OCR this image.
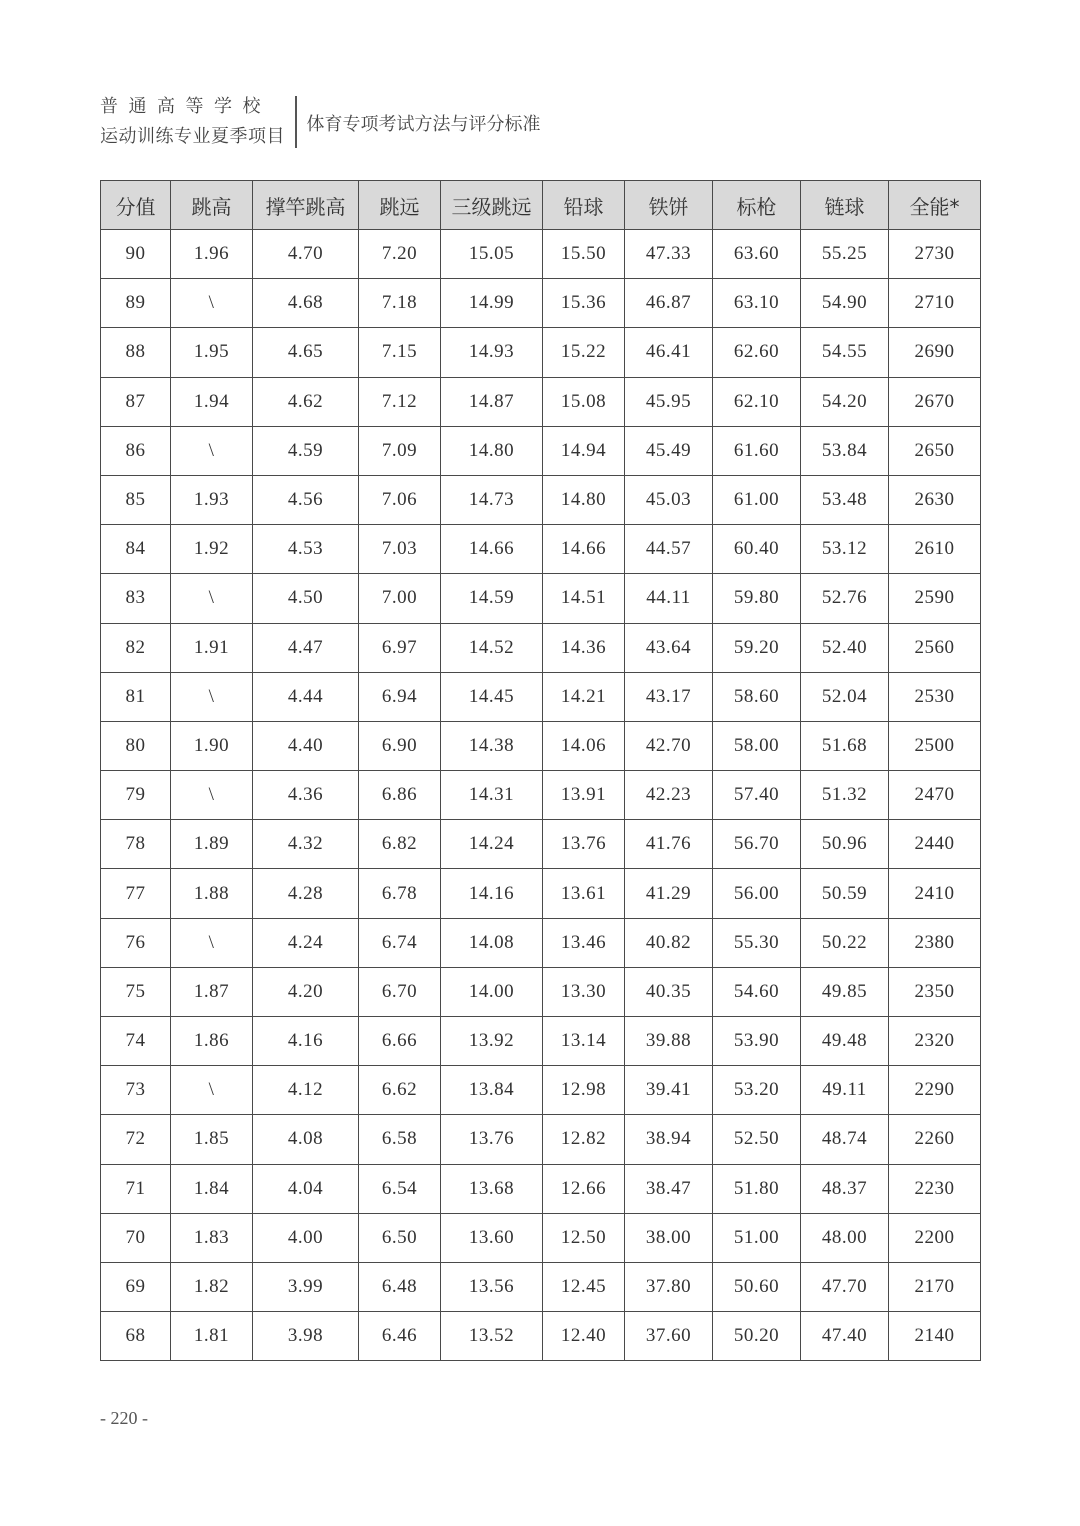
普通高等学校
运动训练专业夏季项目
体育专项考试方法与评分标准
分值	跳高	撑竿跳高	跳远	三级跳远	铅球	铁饼	标枪	链球	全能*
90	1.96	4.70	7.20	15.05	15.50	47.33	63.60	55.25	2730
89	\	4.68	7.18	14.99	15.36	46.87	63.10	54.90	2710
88	1.95	4.65	7.15	14.93	15.22	46.41	62.60	54.55	2690
87	1.94	4.62	7.12	14.87	15.08	45.95	62.10	54.20	2670
86	\	4.59	7.09	14.80	14.94	45.49	61.60	53.84	2650
85	1.93	4.56	7.06	14.73	14.80	45.03	61.00	53.48	2630
84	1.92	4.53	7.03	14.66	14.66	44.57	60.40	53.12	2610
83	\	4.50	7.00	14.59	14.51	44.11	59.80	52.76	2590
82	1.91	4.47	6.97	14.52	14.36	43.64	59.20	52.40	2560
81	\	4.44	6.94	14.45	14.21	43.17	58.60	52.04	2530
80	1.90	4.40	6.90	14.38	14.06	42.70	58.00	51.68	2500
79	\	4.36	6.86	14.31	13.91	42.23	57.40	51.32	2470
78	1.89	4.32	6.82	14.24	13.76	41.76	56.70	50.96	2440
77	1.88	4.28	6.78	14.16	13.61	41.29	56.00	50.59	2410
76	\	4.24	6.74	14.08	13.46	40.82	55.30	50.22	2380
75	1.87	4.20	6.70	14.00	13.30	40.35	54.60	49.85	2350
74	1.86	4.16	6.66	13.92	13.14	39.88	53.90	49.48	2320
73	\	4.12	6.62	13.84	12.98	39.41	53.20	49.11	2290
72	1.85	4.08	6.58	13.76	12.82	38.94	52.50	48.74	2260
71	1.84	4.04	6.54	13.68	12.66	38.47	51.80	48.37	2230
70	1.83	4.00	6.50	13.60	12.50	38.00	51.00	48.00	2200
69	1.82	3.99	6.48	13.56	12.45	37.80	50.60	47.70	2170
68	1.81	3.98	6.46	13.52	12.40	37.60	50.20	47.40	2140
- 220 -
